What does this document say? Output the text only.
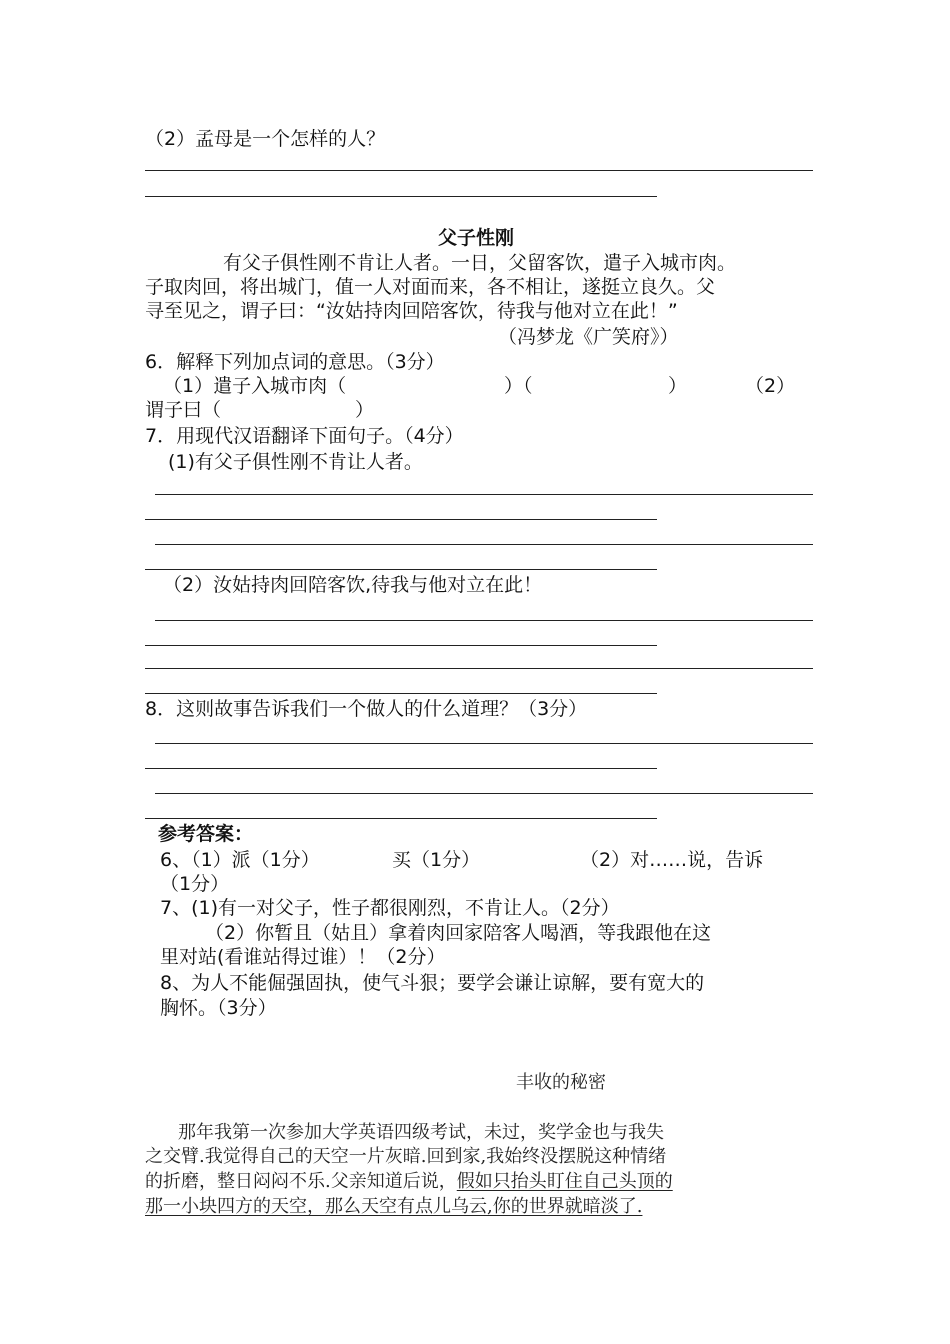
（2）孟母是一个怎样的人？
父子性刚
有父子俱性刚不肯让人者。一日，父留客饮，遣子入城市肉。
子取肉回，将出城门，值一人对面而来，各不相让，遂挺立良久。父
寻至见之，谓子曰：“汝姑持肉回陪客饮，待我与他对立在此！”
（冯梦龙《广笑府》）
6．解释下列加点词的意思。（3分）
（1）遣子入城市肉（	）（	）	（2）
谓子曰（	）
7．用现代汉语翻译下面句子。（4分）
(1)有父子俱性刚不肯让人者。
（2）汝姑持肉回陪客饮,待我与他对立在此！
8．这则故事告诉我们一个做人的什么道理？（3分）
参考答案：
6、（1）派（1分）	买（1分）	（2）对……说，告诉
（1分）
7、(1)有一对父子，性子都很刚烈，不肯让人。（2分）
（2）你暂且（姑且）拿着肉回家陪客人喝酒，等我跟他在这
里对站(看谁站得过谁）！（2分）
8、为人不能倔强固执，使气斗狠；要学会谦让谅解，要有宽大的
胸怀。（3分）
丰收的秘密
那年我第一次参加大学英语四级考试，未过，奖学金也与我失
之交臂.我觉得自己的天空一片灰暗.回到家,我始终没摆脱这种情绪
的折磨，整日闷闷不乐.父亲知道后说，假如只抬头盯住自己头顶的
那一小块四方的天空，那么天空有点儿乌云,你的世界就暗淡了.
